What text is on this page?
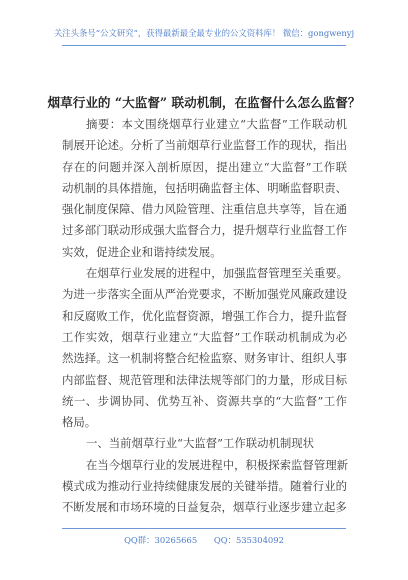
关注头条号“公文研究”，获得最新最全最专业的公文资料库！ 微信：gongwenyj
烟草行业的 “大监督” 联动机制，在监督什么怎么监督？
摘要：本文围绕烟草行业建立“大监督”工作联动机
制展开论述。分析了当前烟草行业监督工作的现状，指出
存在的问题并深入剖析原因，提出建立“大监督”工作联
动机制的具体措施，包括明确监督主体、明晰监督职责、
强化制度保障、借力风险管理、注重信息共享等，旨在通
过多部门联动形成强大监督合力，提升烟草行业监督工作
实效，促进企业和谐持续发展。
在烟草行业发展的进程中，加强监督管理至关重要。
为进一步落实全面从严治党要求，不断加强党风廉政建设
和反腐败工作，优化监督资源，增强工作合力，提升监督
工作实效，烟草行业建立“大监督”工作联动机制成为必
然选择。这一机制将整合纪检监察、财务审计、组织人事
内部监督、规范管理和法律法规等部门的力量，形成目标
统一、步调协同、优势互补、资源共享的“大监督”工作
格局。
一、当前烟草行业“大监督”工作联动机制现状
在当今烟草行业的发展进程中，积极探索监督管理新
模式成为推动行业持续健康发展的关键举措。随着行业的
不断发展和市场环境的日益复杂，烟草行业逐步建立起多
QQ群：30265665 QQ：535304092
